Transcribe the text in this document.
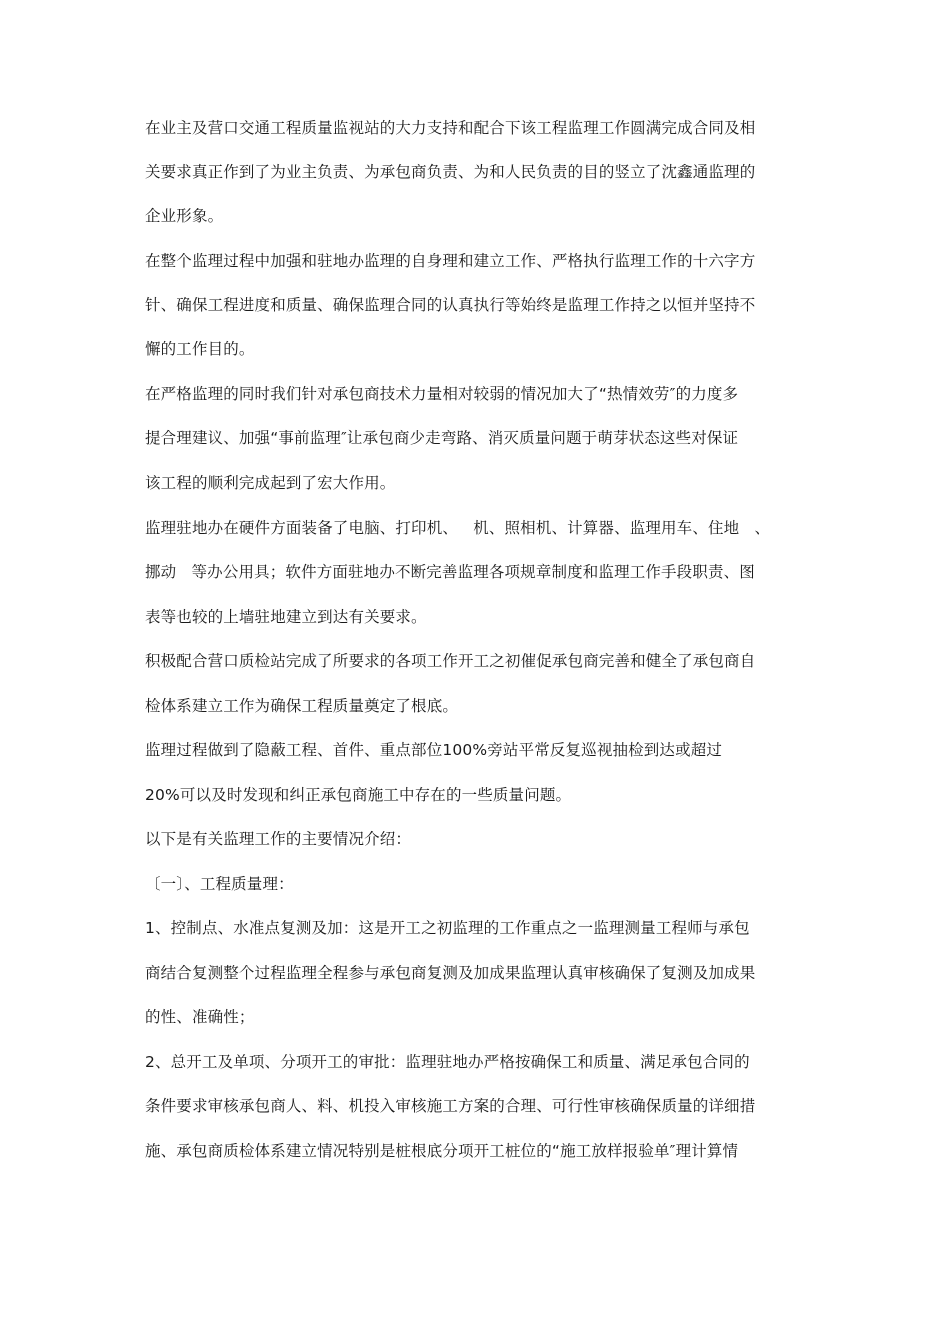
在业主及营口交通工程质量监视站的大力支持和配合下该工程监理工作圆满完成合同及相
关要求真正作到了为业主负责、为承包商负责、为和人民负责的目的竖立了沈鑫通监理的
企业形象。
在整个监理过程中加强和驻地办监理的自身理和建立工作、严格执行监理工作的十六字方
针、确保工程进度和质量、确保监理合同的认真执行等始终是监理工作持之以恒并坚持不
懈的工作目的。
在严格监理的同时我们针对承包商技术力量相对较弱的情况加大了“热情效劳″的力度多
提合理建议、加强“事前监理″让承包商少走弯路、消灭质量问题于萌芽状态这些对保证
该工程的顺利完成起到了宏大作用。
监理驻地办在硬件方面装备了电脑、打印机、   机、照相机、计算器、监理用车、住地   、
挪动   等办公用具；软件方面驻地办不断完善监理各项规章制度和监理工作手段职责、图
表等也较的上墙驻地建立到达有关要求。
积极配合营口质检站完成了所要求的各项工作开工之初催促承包商完善和健全了承包商自
检体系建立工作为确保工程质量奠定了根底。
监理过程做到了隐蔽工程、首件、重点部位100%旁站平常反复巡视抽检到达或超过
20%可以及时发现和纠正承包商施工中存在的一些质量问题。
以下是有关监理工作的主要情况介绍：
〔一〕、工程质量理：
1、控制点、水准点复测及加：这是开工之初监理的工作重点之一监理测量工程师与承包
商结合复测整个过程监理全程参与承包商复测及加成果监理认真审核确保了复测及加成果
的性、准确性；
2、总开工及单项、分项开工的审批：监理驻地办严格按确保工和质量、满足承包合同的
条件要求审核承包商人、料、机投入审核施工方案的合理、可行性审核确保质量的详细措
施、承包商质检体系建立情况特别是桩根底分项开工桩位的“施工放样报验单″理计算情
